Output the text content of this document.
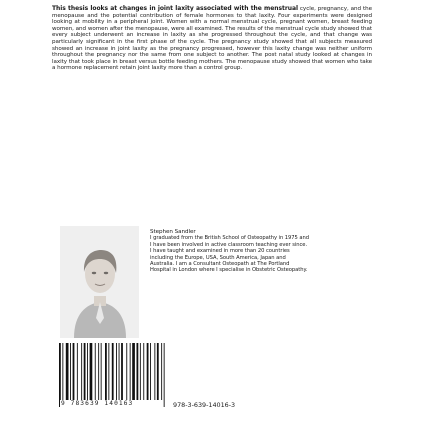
This thesis looks at changes in joint laxity associated with the menstrual cycle, pregnancy, and the menopause and the potential contribution of female hormones to that laxity. Four experiments were designed looking at mobility in a peripheral joint. Women with a normal menstrual cycle, pregnant women, breast feeding women, and women after the menopause, were all examined. The results of the menstrual cycle study showed that every subject underwent an increase in laxity as she progressed throughout the cycle, and that change was particularly significant in the first phase of the cycle. The pregnancy study showed that all subjects measured showed an increase in joint laxity as the pregnancy progressed, however this laxity change was neither uniform throughout the pregnancy nor the same from one subject to another. The post natal study looked at changes in laxity that took place in breast versus bottle feeding mothers. The menopause study showed that women who take a hormone replacement retain joint laxity more than a control group.
Stephen Sandler
I graduated from the British School of Osteopathy in 1975 and I have been involved in active classroom teaching ever since. I have taught and examined in more than 20 countries including the Europe, USA, South America, Japan and Australia. I am a Consultant Osteopath at The Portland Hospital in London where I specialise in Obstetric Osteopathy.
9 783639 140163	978-3-639-14016-3
